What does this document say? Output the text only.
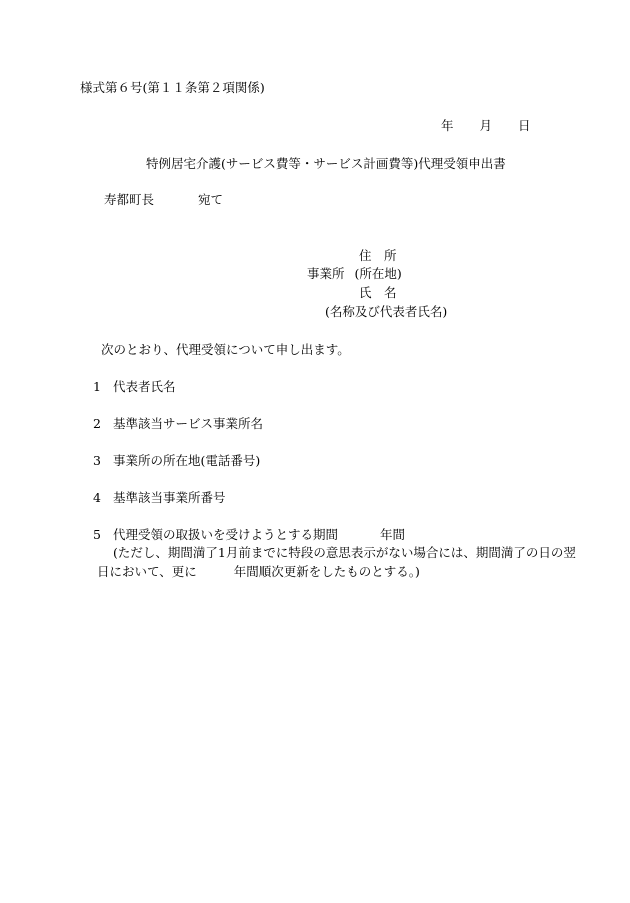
様式第６号(第１１条第２項関係)
年 月 日
特例居宅介護(サービス費等・サービス計画費等)代理受領申出書
寿都町長	宛て
住　所
事業所 (所在地)
氏　名
(名称及び代表者氏名)
次のとおり、代理受領について申し出ます。
1 代表者氏名
2 基準該当サービス事業所名
3 事業所の所在地(電話番号)
4 基準該当事業所番号
5 代理受領の取扱いを受けようとする期間	年間
(ただし、期間満了1月前までに特段の意思表示がない場合には、期間満了の日の翌
日において、更に	年間順次更新をしたものとする。)
